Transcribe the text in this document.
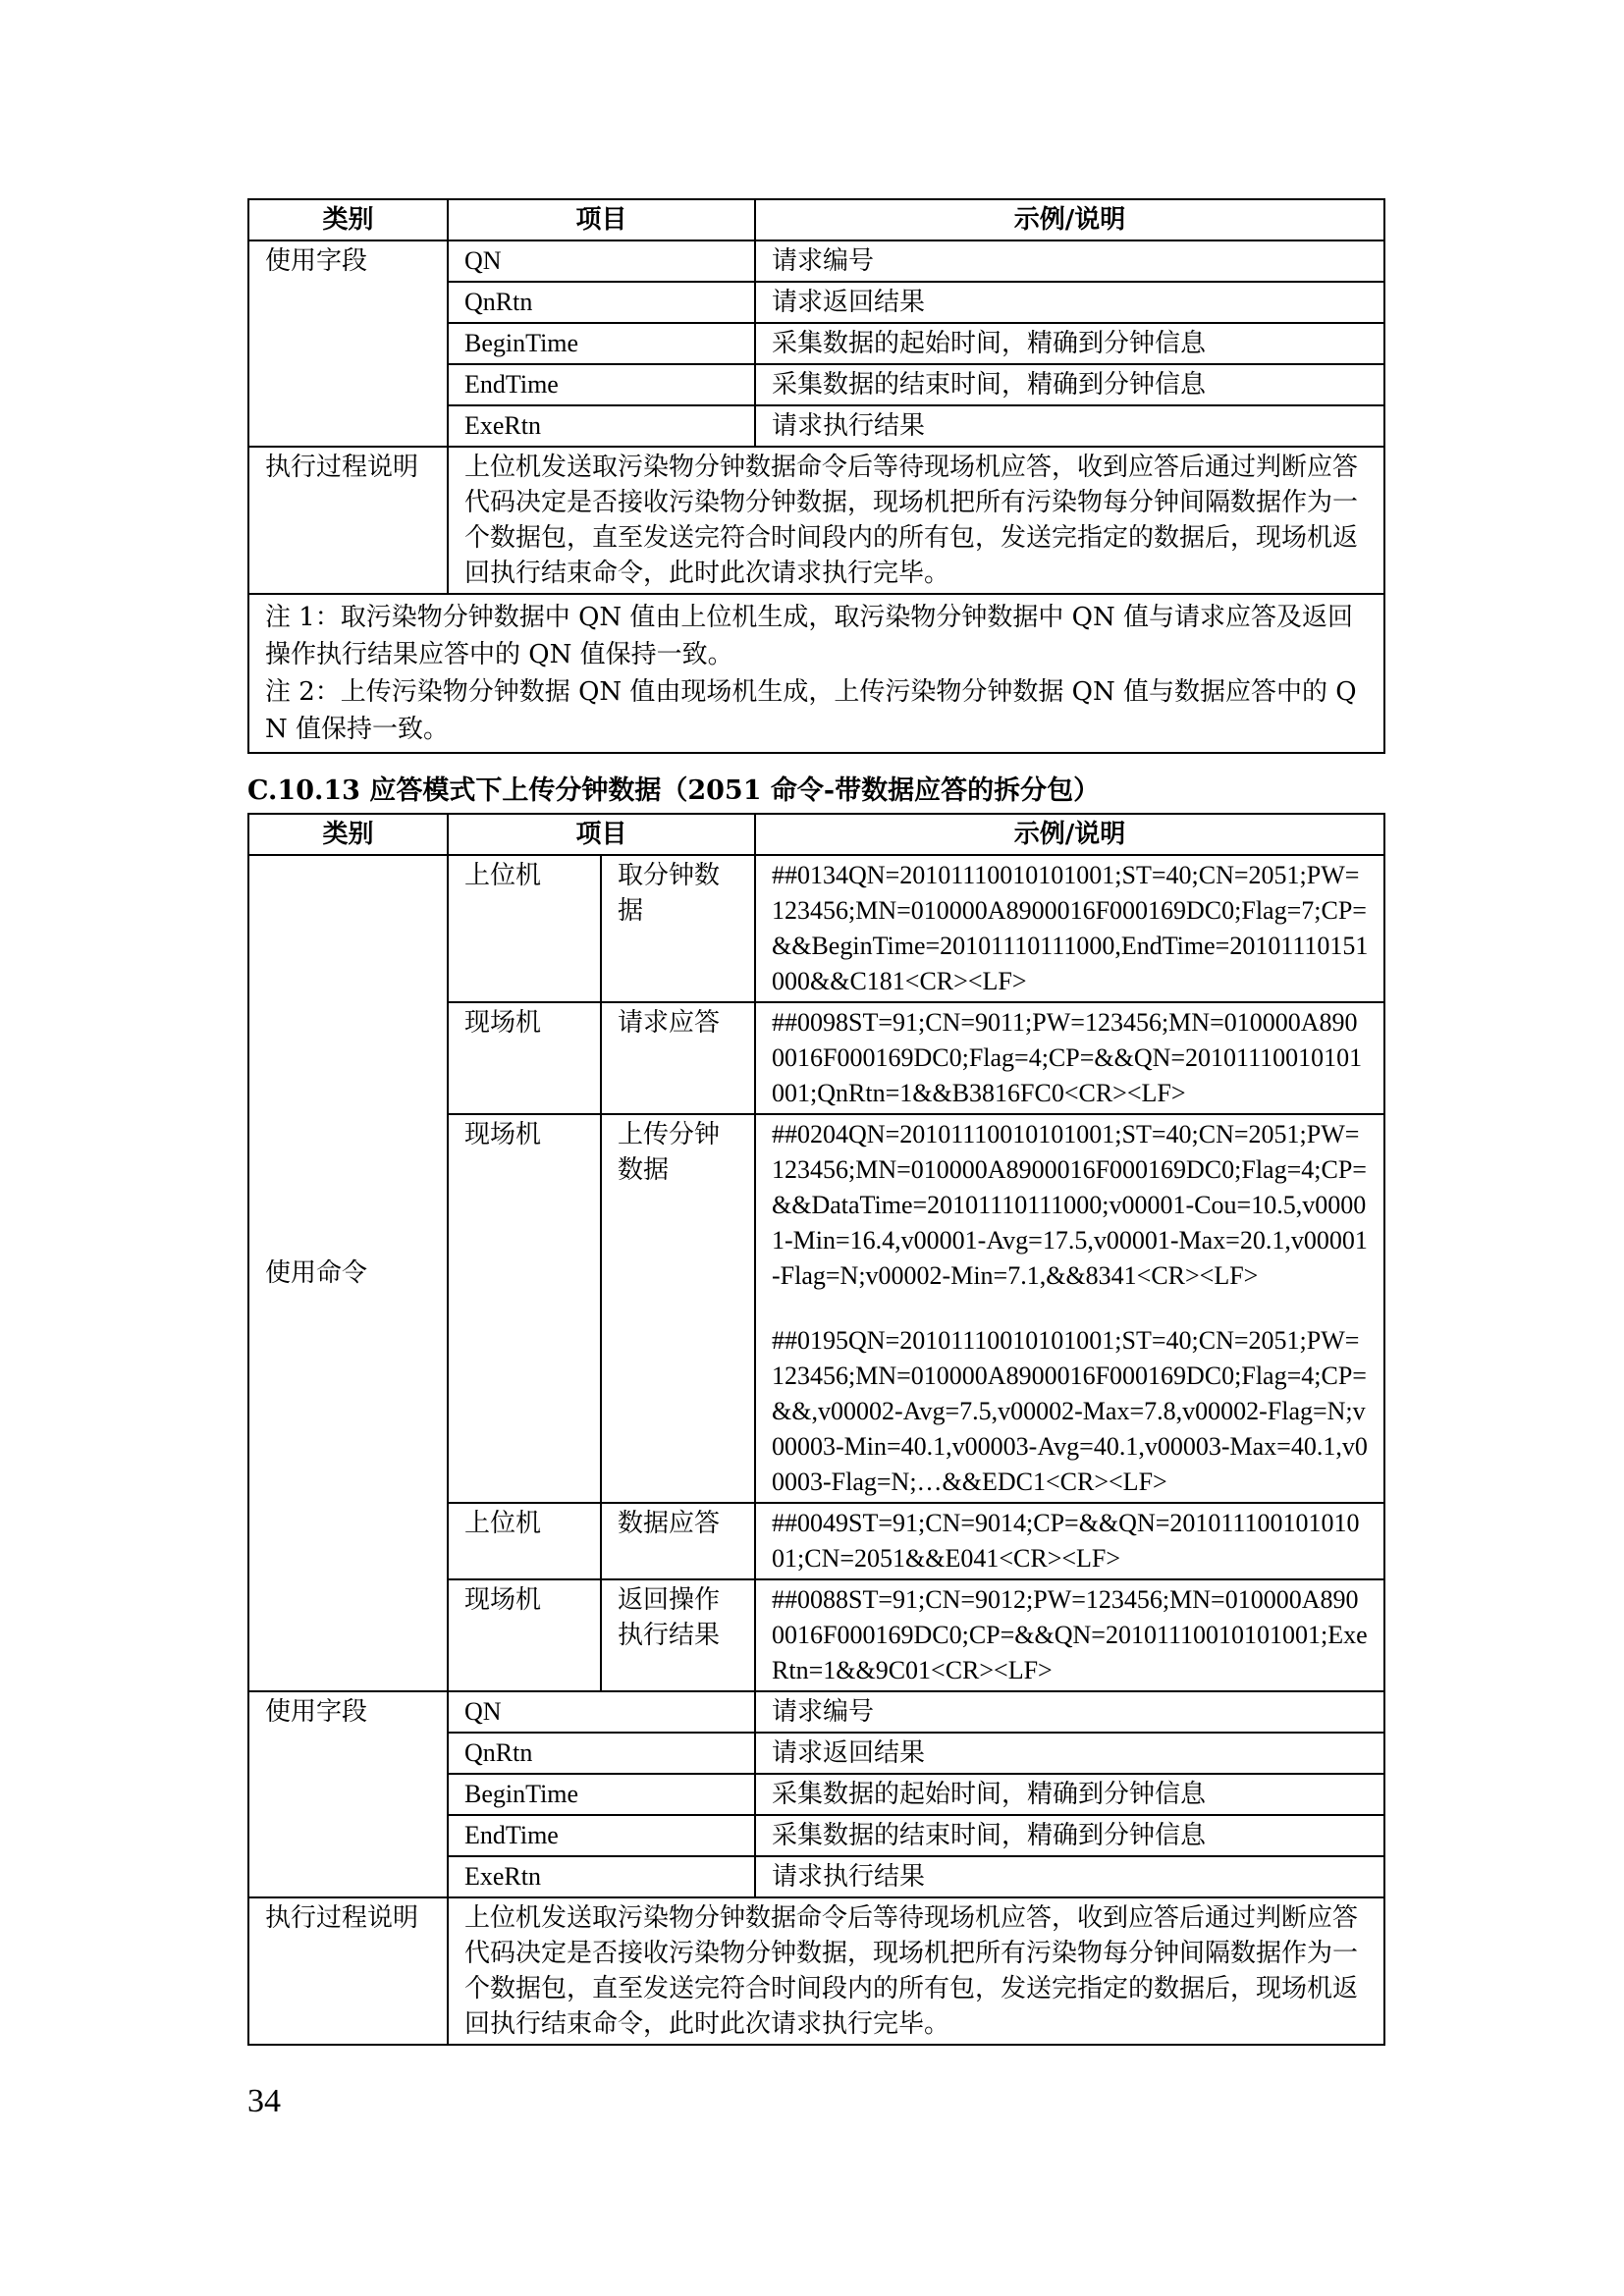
类别	项目	示例/说明
使用字段	QN	请求编号
	QnRtn	请求返回结果
	BeginTime	采集数据的起始时间，精确到分钟信息
	EndTime	采集数据的结束时间，精确到分钟信息
	ExeRtn	请求执行结果
执行过程说明	上位机发送取污染物分钟数据命令后等待现场机应答，收到应答后通过判断应答代码决定是否接收污染物分钟数据，现场机把所有污染物每分钟间隔数据作为一个数据包，直至发送完符合时间段内的所有包，发送完指定的数据后，现场机返回执行结束命令，此时此次请求执行完毕。	

注 1：取污染物分钟数据中 QN 值由上位机生成，取污染物分钟数据中 QN 值与请求应答及返回操作执行结果应答中的 QN 值保持一致。
注 2：上传污染物分钟数据 QN 值由现场机生成，上传污染物分钟数据 QN 值与数据应答中的 QN 值保持一致。		
C.10.13 应答模式下上传分钟数据（2051 命令-带数据应答的拆分包）
类别	项目		示例/说明
使用命令	上位机	取分钟数据	##0134QN=20101110010101001;ST=40;CN=2051;PW=123456;MN=010000A8900016F000169DC0;Flag=7;CP=&&BeginTime=20101110111000,EndTime=20101110151000&&C181<CR><LF>
	现场机	请求应答	##0098ST=91;CN=9011;PW=123456;MN=010000A8900016F000169DC0;Flag=4;CP=&&QN=20101110010101001;QnRtn=1&&B3816FC0<CR><LF>
	现场机	上传分钟数据	##0204QN=20101110010101001;ST=40;CN=2051;PW=123456;MN=010000A8900016F000169DC0;Flag=4;CP=&&DataTime=20101110111000;v00001-Cou=10.5,v00001-Min=16.4,v00001-Avg=17.5,v00001-Max=20.1,v00001-Flag=N;v00002-Min=7.1,&&8341<CR><LF>
##0195QN=20101110010101001;ST=40;CN=2051;PW=123456;MN=010000A8900016F000169DC0;Flag=4;CP=&&,v00002-Avg=7.5,v00002-Max=7.8,v00002-Flag=N;v00003-Min=40.1,v00003-Avg=40.1,v00003-Max=40.1,v00003-Flag=N;…&&EDC1<CR><LF>

	上位机	数据应答	##0049ST=91;CN=9014;CP=&&QN=20101110010101001;CN=2051&&E041<CR><LF>
	现场机	返回操作执行结果	##0088ST=91;CN=9012;PW=123456;MN=010000A8900016F000169DC0;CP=&&QN=20101110010101001;ExeRtn=1&&9C01<CR><LF>
使用字段	QN		请求编号
	QnRtn		请求返回结果
	BeginTime		采集数据的起始时间，精确到分钟信息
	EndTime		采集数据的结束时间，精确到分钟信息
	ExeRtn		请求执行结果
执行过程说明	上位机发送取污染物分钟数据命令后等待现场机应答，收到应答后通过判断应答代码决定是否接收污染物分钟数据，现场机把所有污染物每分钟间隔数据作为一个数据包，直至发送完符合时间段内的所有包，发送完指定的数据后，现场机返回执行结束命令，此时此次请求执行完毕。		
34
